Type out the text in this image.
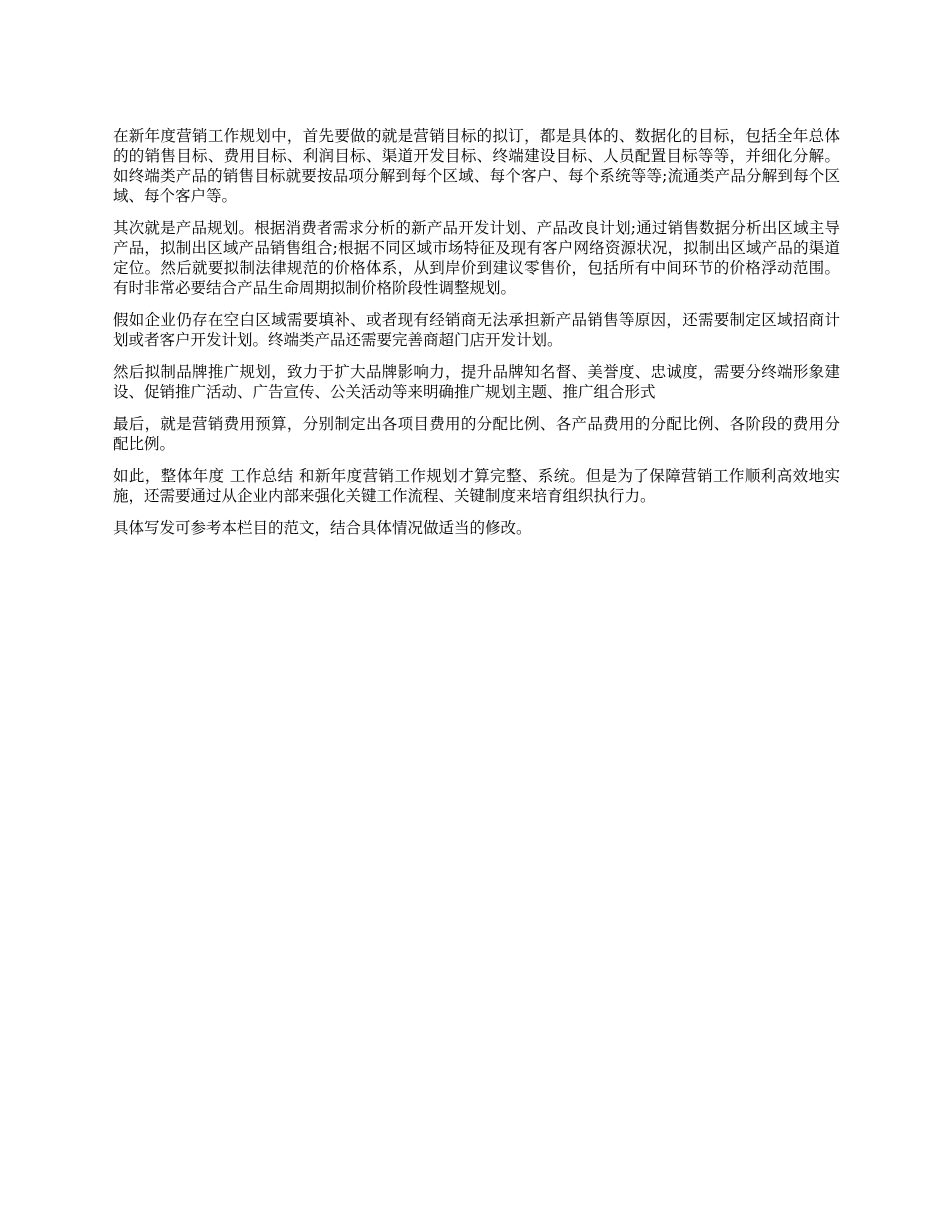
在新年度营销工作规划中，首先要做的就是营销目标的拟订，都是具体的、数据化的目标，包括全年总体的的销售目标、费用目标、利润目标、渠道开发目标、终端建设目标、人员配置目标等等，并细化分解。如终端类产品的销售目标就要按品项分解到每个区域、每个客户、每个系统等等;流通类产品分解到每个区域、每个客户等。

其次就是产品规划。根据消费者需求分析的新产品开发计划、产品改良计划;通过销售数据分析出区域主导产品，拟制出区域产品销售组合;根据不同区域市场特征及现有客户网络资源状况，拟制出区域产品的渠道定位。然后就要拟制法律规范的价格体系，从到岸价到建议零售价，包括所有中间环节的价格浮动范围。有时非常必要结合产品生命周期拟制价格阶段性调整规划。

假如企业仍存在空白区域需要填补、或者现有经销商无法承担新产品销售等原因，还需要制定区域招商计划或者客户开发计划。终端类产品还需要完善商超门店开发计划。

然后拟制品牌推广规划，致力于扩大品牌影响力，提升品牌知名督、美誉度、忠诚度，需要分终端形象建设、促销推广活动、广告宣传、公关活动等来明确推广规划主题、推广组合形式

最后，就是营销费用预算，分别制定出各项目费用的分配比例、各产品费用的分配比例、各阶段的费用分配比例。

如此，整体年度 工作总结 和新年度营销工作规划才算完整、系统。但是为了保障营销工作顺利高效地实施，还需要通过从企业内部来强化关键工作流程、关键制度来培育组织执行力。

具体写发可参考本栏目的范文，结合具体情况做适当的修改。
